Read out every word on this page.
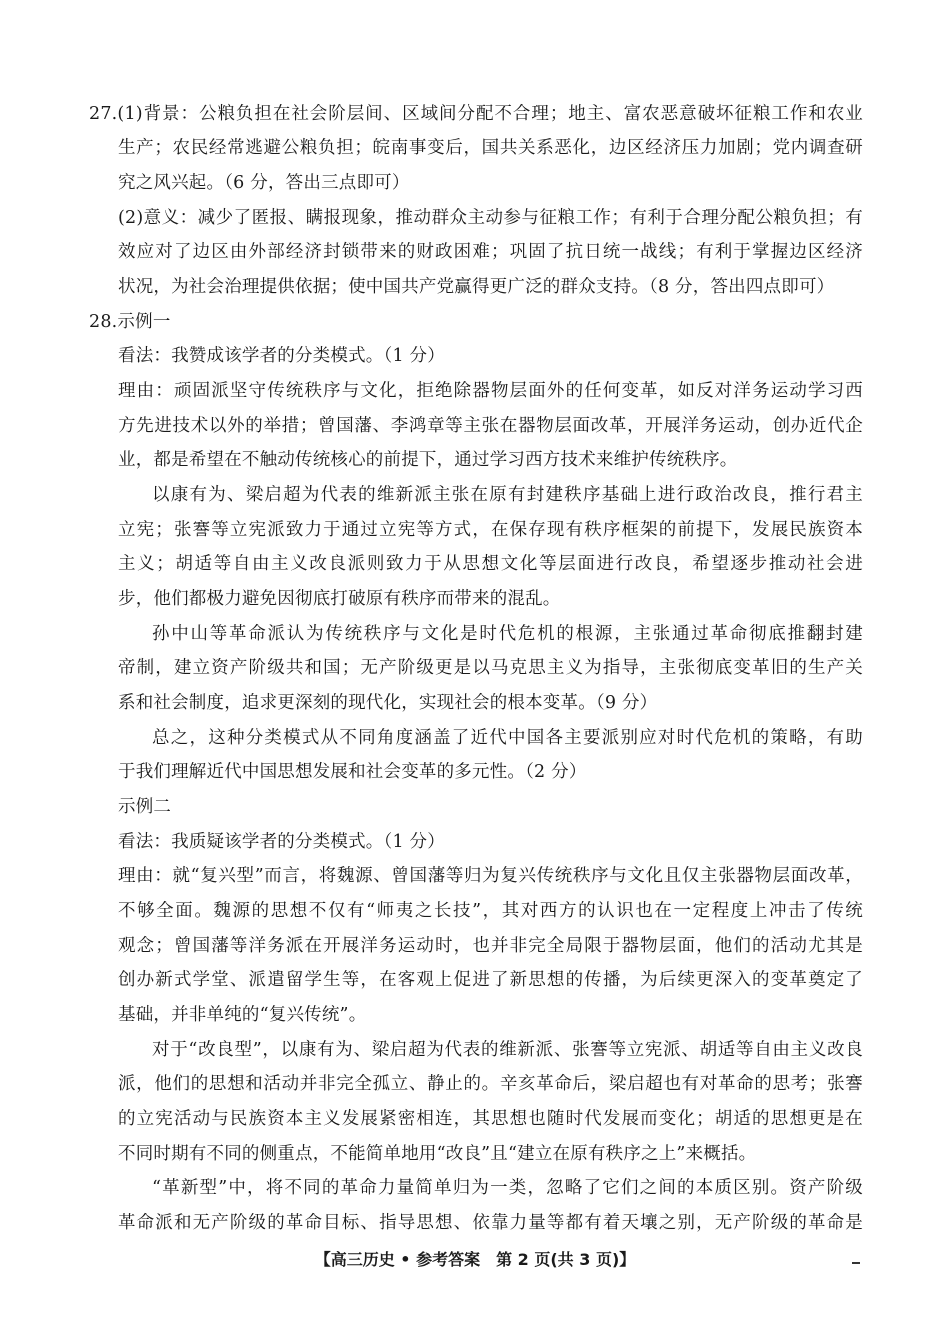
27.(1)背景：公粮负担在社会阶层间、区域间分配不合理；地主、富农恶意破坏征粮工作和农业
生产；农民经常逃避公粮负担；皖南事变后，国共关系恶化，边区经济压力加剧；党内调查研
究之风兴起。（6 分，答出三点即可）
(2)意义：减少了匿报、瞒报现象，推动群众主动参与征粮工作；有利于合理分配公粮负担；有
效应对了边区由外部经济封锁带来的财政困难；巩固了抗日统一战线；有利于掌握边区经济
状况，为社会治理提供依据；使中国共产党赢得更广泛的群众支持。（8 分，答出四点即可）
28.示例一
看法：我赞成该学者的分类模式。（1 分）
理由：顽固派坚守传统秩序与文化，拒绝除器物层面外的任何变革，如反对洋务运动学习西
方先进技术以外的举措；曾国藩、李鸿章等主张在器物层面改革，开展洋务运动，创办近代企
业，都是希望在不触动传统核心的前提下，通过学习西方技术来维护传统秩序。
以康有为、梁启超为代表的维新派主张在原有封建秩序基础上进行政治改良，推行君主
立宪；张謇等立宪派致力于通过立宪等方式，在保存现有秩序框架的前提下，发展民族资本
主义；胡适等自由主义改良派则致力于从思想文化等层面进行改良，希望逐步推动社会进
步，他们都极力避免因彻底打破原有秩序而带来的混乱。
孙中山等革命派认为传统秩序与文化是时代危机的根源，主张通过革命彻底推翻封建
帝制，建立资产阶级共和国；无产阶级更是以马克思主义为指导，主张彻底变革旧的生产关
系和社会制度，追求更深刻的现代化，实现社会的根本变革。（9 分）
总之，这种分类模式从不同角度涵盖了近代中国各主要派别应对时代危机的策略，有助
于我们理解近代中国思想发展和社会变革的多元性。（2 分）
示例二
看法：我质疑该学者的分类模式。（1 分）
理由：就“复兴型”而言，将魏源、曾国藩等归为复兴传统秩序与文化且仅主张器物层面改革，
不够全面。魏源的思想不仅有“师夷之长技”，其对西方的认识也在一定程度上冲击了传统
观念；曾国藩等洋务派在开展洋务运动时，也并非完全局限于器物层面，他们的活动尤其是
创办新式学堂、派遣留学生等，在客观上促进了新思想的传播，为后续更深入的变革奠定了
基础，并非单纯的“复兴传统”。
对于“改良型”，以康有为、梁启超为代表的维新派、张謇等立宪派、胡适等自由主义改良
派，他们的思想和活动并非完全孤立、静止的。辛亥革命后，梁启超也有对革命的思考；张謇
的立宪活动与民族资本主义发展紧密相连，其思想也随时代发展而变化；胡适的思想更是在
不同时期有不同的侧重点，不能简单地用“改良”且“建立在原有秩序之上”来概括。
“革新型”中，将不同的革命力量简单归为一类，忽略了它们之间的本质区别。资产阶级
革命派和无产阶级的革命目标、指导思想、依靠力量等都有着天壤之别，无产阶级的革命是
【高三历史 • 参考答案　第 2 页(共 3 页)】
